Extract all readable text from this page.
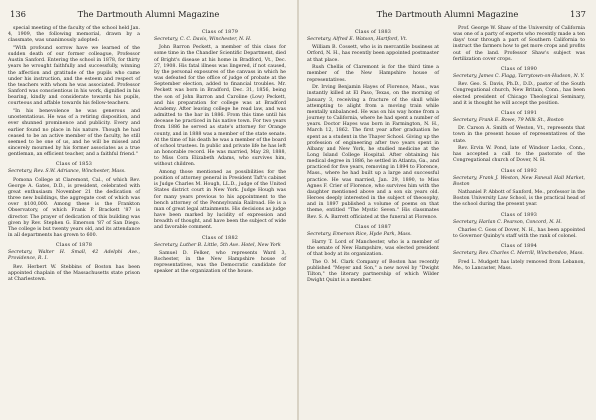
136	The Dartmouth Alumni Magazine

special meeting of the faculty of the school held Jan. 4, 1909, the following memorial, drawn by a classmate, was unanimously adopted:

"With profound sorrow have we learned of the sudden death of our former colleague, Professor Austin Sanford. Entering the school in 1878, for thirty years he wrought faithfully and successfully, winning the affection and gratitude of the pupils who came under his instruction, and the esteem and respect of the teachers with whom he was associated. Professor Sanford was conscientious in his work, dignified in his bearing, kindly and considerate towards his pupils, courteous and affable towards his fellow-teachers.

"In his benevolence he was generous and unostentatious. He was of a retiring disposition, and ever shunned prominence and publicity. Every and earlier found no place in his nature. Though he had ceased to be an active member of the faculty, he still seemed to be one of us, and he will be missed and sincerely mourned by his former associates as a true gentleman, an efficient teacher, and a faithful friend."

Class of 1853

Secretary, Rev. S.W. Adriance, Winchester, Mass.

Pomona College at Claremont, Cal., of which Rev. George A. Gates, D.D., is president, celebrated with great enthusiasm November 21 the dedication of three new buildings, the aggregate cost of which was over $100,000. Among these is the Frankton Observatory, of which Frank P. Brackett '87 is director. The prayer of dedication of this building was given by Rev. Stephen G. Emerson '87 of San Diego. The college is but twenty years old, and its attendance in all departments has grown to 600.

Class of 1878

Secretary, Walter H. Small, 42 Adelphi Ave., Providence, R. I.

Rev. Herbert W. Stebbins of Boston has been appointed chaplain of the Massachusetts state prison at Charlestown.

Class of 1879

Secretary, C. C. Davis, Winchester, N. H.

John Barron Peckett, a member of this class for some time in the Chandler Scientific Department, died of Bright's disease at his home in Bradford, Vt., Dec. 27, 1908. His fatal illness was lingered, if not caused, by the personal exposures of the canvass in which he was defeated for the office of judge of probate at the September election, added to financial troubles. Mr. Peckett was born in Bradford, Dec. 31, 1856, being the son of John Barron and Caroline (Low) Peckett, and his preparation for college was at Bradford Academy. After leaving college he read law, and was admitted to the bar in 1886. From this time until his decease he practiced in his native town. For two years from 1886 he served as state's attorney for Orange county, and in 1888 was a member of the state senate. At the time of his death he was a member of the board of school trustees. In public and private life he has left an honorable record. He was married, May 28, 1888, to Miss Cora Elizabeth Adams, who survives him, without children.

Among those mentioned as possibilities for the position of attorney general in President Taft's cabinet is Judge Charles M. Hough, LL.D., judge of the United States district court in New York. Judge Hough was for many years previous to his appointment to the bench attorney of the Pennsylvania Railroad. He is a man of great legal attainments. His decisions as judge have been marked by lucidity of expression and breadth of thought, and have been the subject of wide and favorable comment.

Class of 1882

Secretary, Luther B. Little, 5th Ave. Hotel, New York

Samuel D. Felker, who represents Ward 3, Rochester, in the New Hampshire house of representatives, was the Democratic candidate for speaker at the organization of the house.

The Dartmouth Alumni Magazine	137

Class of 1883

Secretary, Alfred E. Watson, Hartford, Vt.

William B. Cossett, who is in mercantile business at Orford, N. H., has recently been appointed postmaster at that place.

Rush Chellis of Claremont is for the third time a member of the New Hampshire house of representatives.

Dr. Irving Benjamin Hayes of Florence, Mass., was instantly killed at El Paso, Texas, on the morning of January 3, receiving a fracture of the skull while attempting to alight from a moving train while mentally unbalanced. He was on his way home from a journey to California, where he had spent a number of years. Doctor Hayes was born in Farmington, N. H., March 12, 1862. The first year after graduation he spent as a student in the Thayer School. Giving up the profession of engineering after two years spent in Albany and New York, he studied medicine at the Long Island College Hospital. After obtaining his medical degree in 1886, he settled in Atlanta, Ga., and practiced for five years, removing in 1894 to Florence, Mass., where he had built up a large and successful practice. He was married, Jan. 29, 1890, to Miss Agnes F. Crier of Florence, who survives him with the daughter mentioned above and a son six years old. Heroes deeply interested in the subject of theosophy, and in 1897 published a volume of poems on that theme, entitled "The Mystic Seven." His classmates Rev. S. A. Barrett officiated at the funeral at Florence.

Class of 1887

Secretary, Emerson Rice, Hyde Park, Mass.

Harry T. Lord of Manchester, who is a member of the senate of New Hampshire, was elected president of that body at its organization.

The O. M. Clark Company of Boston has recently published "Meyer and Son," a new novel by "Dwight Tilton," the literary partnership of which Wilder Dwight Quint is a member.

Prof. George W. Shaw of the University of California was one of a party of experts who recently made a ten days' tour through a part of Southern California to instruct the farmers how to get more crops and profits out of the land. Professor Shaw's subject was fertilization cover crops.

Class of 1890

Secretary, James C. Flagg, Tarrytown-on-Hudson, N. Y.

Rev. Geo. S. Davis, Ph.D., D.D., pastor of the South Congregational church, New Britain, Conn., has been elected president of Chicago Theological Seminary, and it is thought he will accept the position.

Class of 1891

Secretary, Frank E. Rowe, 79 Milk St., Boston

Dr. Carson A. Smith of Weston, Vt., represents that town in the present house of representatives of the state.

Rev. Ervin W. Pond, late of Windsor Locks, Conn., has accepted a call to the pastorate of the Congregational church of Dover, N. H.

Class of 1892

Secretary, Frank J. Weston, New Faneuil Hall Market, Boston

Nathaniel P. Abbott of Sanford, Me., professor in the Boston University Law School, is the practical head of the school during the present year.

Class of 1893

Secretary, Harlan C. Pearson, Concord, N. H.

Charles C. Goss of Dover, N. H., has been appointed to Governor Quinby's staff with the rank of colonel.

Class of 1894

Secretary, Rev. Charles C. Merrill, Winchendon, Mass.

Fred L. Mudgett has lately removed from Lebanon, Me., to Lancaster, Mass.
